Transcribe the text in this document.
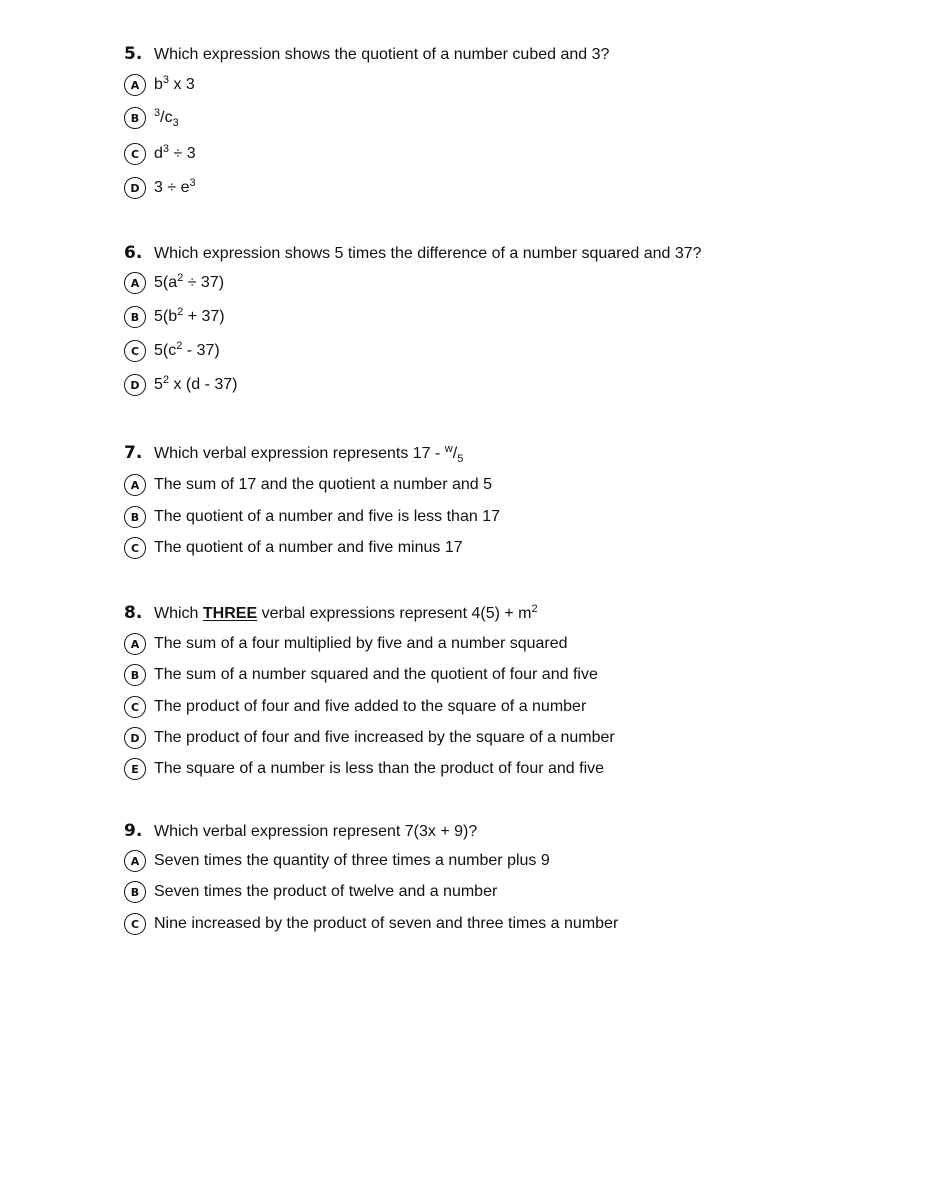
5. Which expression shows the quotient of a number cubed and 3?
A $b^3$ x 3
B	$^3/c_3$
C $d^3 \div 3$
D $3 \div e^3$
6. Which expression shows 5 times the difference of a number squared and 37?
A $5(a^2 \div 37)$
B $5(b^2 + 37)$
C $5(c^2 - 37)$
D $5^2$ x (d - 37)
7. Which verbal expression represents $17 - ^w/_5$
A The sum of 17 and the quotient a number and 5
B The quotient of a number and five is less than 17
C The quotient of a number and five minus 17
8. Which THREE verbal expressions represent $4(5) + m^2$
A The sum of a four multiplied by five and a number squared
B The sum of a number squared and the quotient of four and five
C The product of four and five added to the square of a number
D The product of four and five increased by the square of a number
E The square of a number is less than the product of four and five
9. Which verbal expression represent 7(3x + 9)?
A Seven times the quantity of three times a number plus 9
B Seven times the product of twelve and a number
C Nine increased by the product of seven and three times a number
